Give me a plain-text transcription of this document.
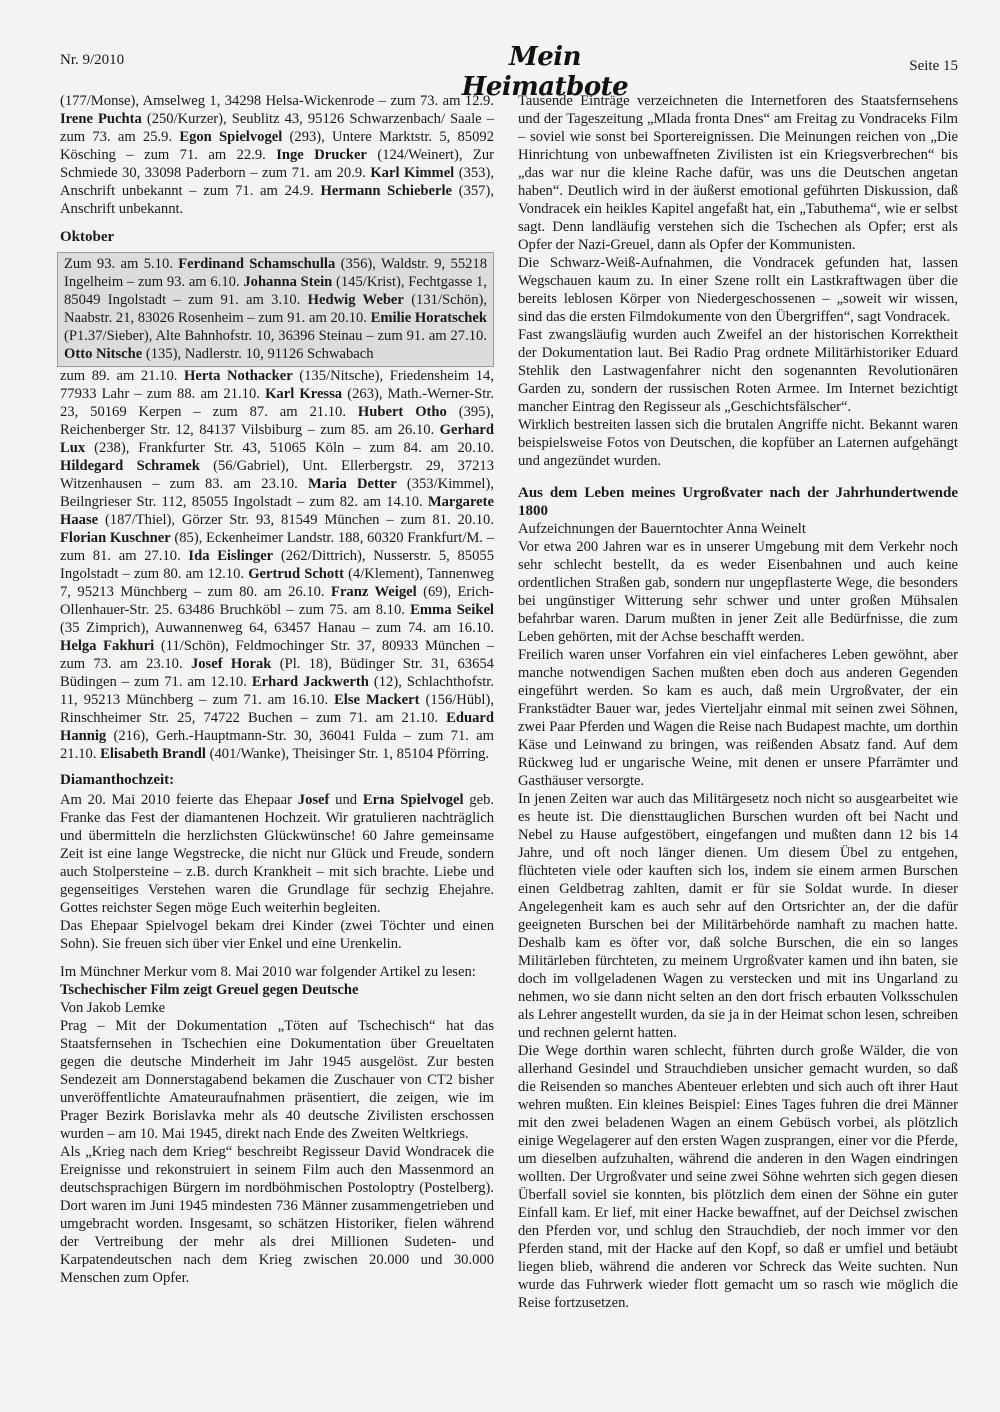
Nr. 9/2010	Mein Heimatbote
Seite 15

(177/Monse), Amselweg 1, 34298 Helsa-Wickenrode – zum 73. am 12.9. Irene Puchta (250/Kurzer), Seublitz 43, 95126 Schwarzenbach/ Saale – zum 73. am 25.9. Egon Spielvogel (293), Untere Marktstr. 5, 85092 Kösching – zum 71. am 22.9. Inge Drucker (124/Weinert), Zur Schmiede 30, 33098 Paderborn – zum 71. am 20.9. Karl Kimmel (353), Anschrift unbekannt – zum 71. am 24.9. Hermann Schieberle (357), Anschrift unbekannt.

Oktober

Zum 93. am 5.10. Ferdinand Schamschulla (356), Waldstr. 9, 55218 Ingelheim – zum 93. am 6.10. Johanna Stein (145/Krist), Fechtgasse 1, 85049 Ingolstadt – zum 91. am 3.10. Hedwig Weber (131/Schön), Naabstr. 21, 83026 Rosenheim – zum 91. am 20.10. Emilie Horatschek (P1.37/Sieber), Alte Bahnhofstr. 10, 36396 Steinau – zum 91. am 27.10. Otto Nitsche (135), Nadlerstr. 10, 91126 Schwabach

zum 89. am 21.10. Herta Nothacker (135/Nitsche), Friedensheim 14, 77933 Lahr – zum 88. am 21.10. Karl Kressa (263), Math.-Werner-Str. 23, 50169 Kerpen – zum 87. am 21.10. Hubert Otho (395), Reichenberger Str. 12, 84137 Vilsbiburg – zum 85. am 26.10. Gerhard Lux (238), Frankfurter Str. 43, 51065 Köln – zum 84. am 20.10. Hildegard Schramek (56/Gabriel), Unt. Ellerbergstr. 29, 37213 Witzenhausen – zum 83. am 23.10. Maria Detter (353/Kimmel), Beilngrieser Str. 112, 85055 Ingolstadt – zum 82. am 14.10. Margarete Haase (187/Thiel), Görzer Str. 93, 81549 München – zum 81. 20.10. Florian Kuschner (85), Eckenheimer Landstr. 188, 60320 Frankfurt/M. – zum 81. am 27.10. Ida Eislinger (262/Dittrich), Nusserstr. 5, 85055 Ingolstadt – zum 80. am 12.10. Gertrud Schott (4/Klement), Tannenweg 7, 95213 Münchberg – zum 80. am 26.10. Franz Weigel (69), Erich-Ollenhauer-Str. 25. 63486 Bruchköbl – zum 75. am 8.10. Emma Seikel (35 Zimprich), Auwannenweg 64, 63457 Hanau – zum 74. am 16.10. Helga Fakhuri (11/Schön), Feldmochinger Str. 37, 80933 München – zum 73. am 23.10. Josef Horak (Pl. 18), Büdinger Str. 31, 63654 Büdingen – zum 71. am 12.10. Erhard Jackwerth (12), Schlachthofstr. 11, 95213 Münchberg – zum 71. am 16.10. Else Mackert (156/Hübl), Rinschheimer Str. 25, 74722 Buchen – zum 71. am 21.10. Eduard Hannig (216), Gerh.-Hauptmann-Str. 30, 36041 Fulda – zum 71. am 21.10. Elisabeth Brandl (401/Wanke), Theisinger Str. 1, 85104 Pförring.

Diamanthochzeit:

Am 20. Mai 2010 feierte das Ehepaar Josef und Erna Spielvogel geb. Franke das Fest der diamantenen Hochzeit. Wir gratulieren nachträglich und übermitteln die herzlichsten Glückwünsche! 60 Jahre gemeinsame Zeit ist eine lange Wegstrecke, die nicht nur Glück und Freude, sondern auch Stolpersteine – z.B. durch Krankheit – mit sich brachte. Liebe und gegenseitiges Verstehen waren die Grundlage für sechzig Ehejahre. Gottes reichster Segen möge Euch weiterhin begleiten.

Das Ehepaar Spielvogel bekam drei Kinder (zwei Töchter und einen Sohn). Sie freuen sich über vier Enkel und eine Urenkelin.

Im Münchner Merkur vom 8. Mai 2010 war folgender Artikel zu lesen:

Tschechischer Film zeigt Greuel gegen Deutsche

Von Jakob Lemke

Prag – Mit der Dokumentation „Töten auf Tschechisch“ hat das Staatsfernsehen in Tschechien eine Dokumentation über Greueltaten gegen die deutsche Minderheit im Jahr 1945 ausgelöst. Zur besten Sendezeit am Donnerstagabend bekamen die Zuschauer von CT2 bisher unveröffentlichte Amateuraufnahmen präsentiert, die zeigen, wie im Prager Bezirk Borislavka mehr als 40 deutsche Zivilisten erschossen wurden – am 10. Mai 1945, direkt nach Ende des Zweiten Weltkriegs.

Als „Krieg nach dem Krieg“ beschreibt Regisseur David Wondracek die Ereignisse und rekonstruiert in seinem Film auch den Massenmord an deutschsprachigen Bürgern im nordböhmischen Postoloptry (Postelberg). Dort waren im Juni 1945 mindesten 736 Männer zusammengetrieben und umgebracht worden. Insgesamt, so schätzen Historiker, fielen während der Vertreibung der mehr als drei Millionen Sudeten- und Karpatendeutschen nach dem Krieg zwischen 20.000 und 30.000 Menschen zum Opfer.

Tausende Einträge verzeichneten die Internetforen des Staatsfernsehens und der Tageszeitung „Mlada fronta Dnes“ am Freitag zu Vondraceks Film – soviel wie sonst bei Sportereignissen. Die Meinungen reichen von „Die Hinrichtung von unbewaffneten Zivilisten ist ein Kriegsverbrechen“ bis „das war nur die kleine Rache dafür, was uns die Deutschen angetan haben“. Deutlich wird in der äußerst emotional geführten Diskussion, daß Vondracek ein heikles Kapitel angefaßt hat, ein „Tabuthema“, wie er selbst sagt. Denn landläufig verstehen sich die Tschechen als Opfer; erst als Opfer der Nazi-Greuel, dann als Opfer der Kommunisten.

Die Schwarz-Weiß-Aufnahmen, die Vondracek gefunden hat, lassen Wegschauen kaum zu. In einer Szene rollt ein Lastkraftwagen über die bereits leblosen Körper von Niedergeschossenen – „soweit wir wissen, sind das die ersten Filmdokumente von den Übergriffen“, sagt Vondracek.

Fast zwangsläufig wurden auch Zweifel an der historischen Korrektheit der Dokumentation laut. Bei Radio Prag ordnete Militärhistoriker Eduard Stehlik den Lastwagenfahrer nicht den sogenannten Revolutionären Garden zu, sondern der russischen Roten Armee. Im Internet bezichtigt mancher Eintrag den Regisseur als „Geschichtsfälscher“.

Wirklich bestreiten lassen sich die brutalen Angriffe nicht. Bekannt waren beispielsweise Fotos von Deutschen, die kopfüber an Laternen aufgehängt und angezündet wurden.

Aus dem Leben meines Urgroßvater nach der Jahrhundertwende 1800

Aufzeichnungen der Bauerntochter Anna Weinelt

Vor etwa 200 Jahren war es in unserer Umgebung mit dem Verkehr noch sehr schlecht bestellt, da es weder Eisenbahnen und auch keine ordentlichen Straßen gab, sondern nur ungepflasterte Wege, die besonders bei ungünstiger Witterung sehr schwer und unter großen Mühsalen befahrbar waren. Darum mußten in jener Zeit alle Bedürfnisse, die zum Leben gehörten, mit der Achse beschafft werden.

Freilich waren unser Vorfahren ein viel einfacheres Leben gewöhnt, aber manche notwendigen Sachen mußten eben doch aus anderen Gegenden eingeführt werden. So kam es auch, daß mein Urgroßvater, der ein Frankstädter Bauer war, jedes Vierteljahr einmal mit seinen zwei Söhnen, zwei Paar Pferden und Wagen die Reise nach Budapest machte, um dorthin Käse und Leinwand zu bringen, was reißenden Absatz fand. Auf dem Rückweg lud er ungarische Weine, mit denen er unsere Pfarrämter und Gasthäuser versorgte.

In jenen Zeiten war auch das Militärgesetz noch nicht so ausgearbeitet wie es heute ist. Die diensttauglichen Burschen wurden oft bei Nacht und Nebel zu Hause aufgestöbert, eingefangen und mußten dann 12 bis 14 Jahre, und oft noch länger dienen. Um diesem Übel zu entgehen, flüchteten viele oder kauften sich los, indem sie einem armen Burschen einen Geldbetrag zahlten, damit er für sie Soldat wurde. In dieser Angelegenheit kam es auch sehr auf den Ortsrichter an, der die dafür geeigneten Burschen bei der Militärbehörde namhaft zu machen hatte. Deshalb kam es öfter vor, daß solche Burschen, die ein so langes Militärleben fürchteten, zu meinem Urgroßvater kamen und ihn baten, sie doch im vollgeladenen Wagen zu verstecken und mit ins Ungarland zu nehmen, wo sie dann nicht selten an den dort frisch erbauten Volksschulen als Lehrer angestellt wurden, da sie ja in der Heimat schon lesen, schreiben und rechnen gelernt hatten.

Die Wege dorthin waren schlecht, führten durch große Wälder, die von allerhand Gesindel und Strauchdieben unsicher gemacht wurden, so daß die Reisenden so manches Abenteuer erlebten und sich auch oft ihrer Haut wehren mußten. Ein kleines Beispiel: Eines Tages fuhren die drei Männer mit den zwei beladenen Wagen an einem Gebüsch vorbei, als plötzlich einige Wegelagerer auf den ersten Wagen zusprangen, einer vor die Pferde, um dieselben aufzuhalten, während die anderen in den Wagen eindringen wollten. Der Urgroßvater und seine zwei Söhne wehrten sich gegen diesen Überfall soviel sie konnten, bis plötzlich dem einen der Söhne ein guter Einfall kam. Er lief, mit einer Hacke bewaffnet, auf der Deichsel zwischen den Pferden vor, und schlug den Strauchdieb, der noch immer vor den Pferden stand, mit der Hacke auf den Kopf, so daß er umfiel und betäubt liegen blieb, während die anderen vor Schreck das Weite suchten. Nun wurde das Fuhrwerk wieder flott gemacht um so rasch wie möglich die Reise fortzusetzen.
